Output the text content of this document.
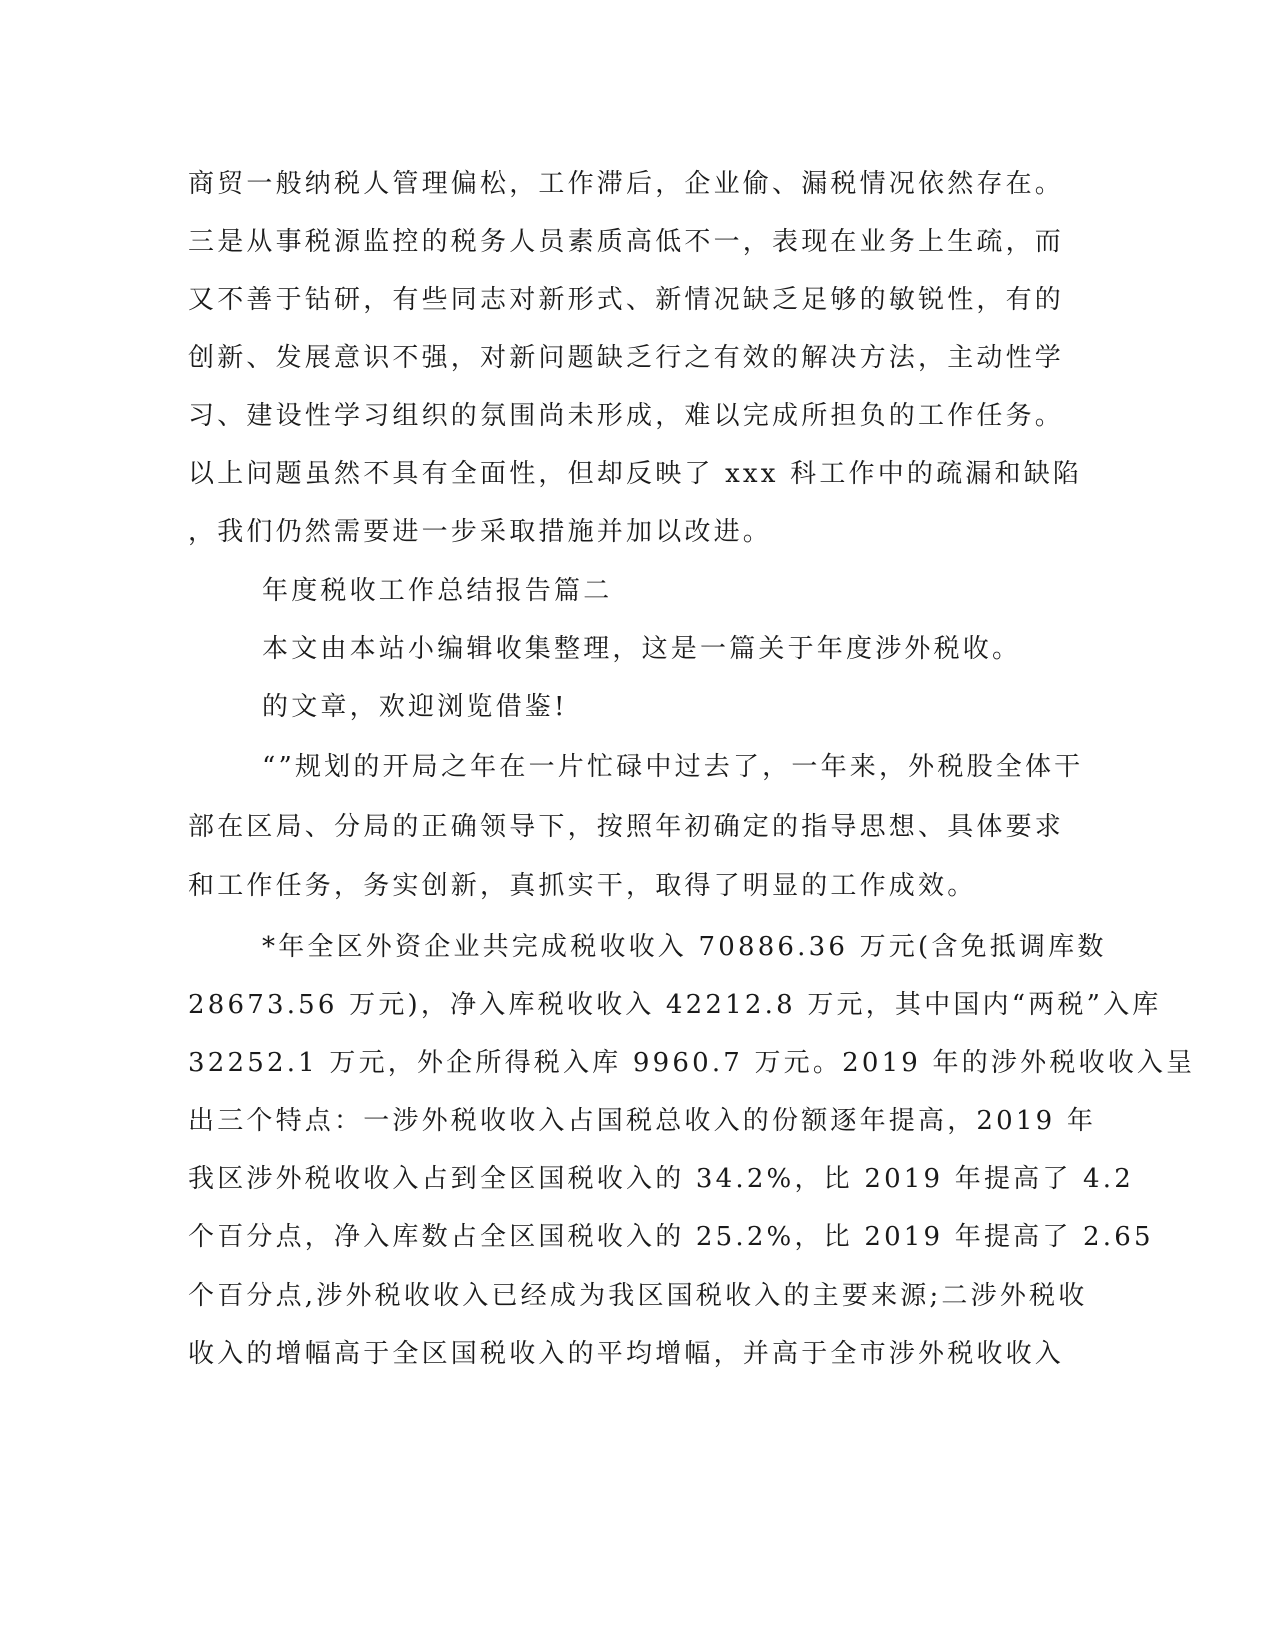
商贸一般纳税人管理偏松，工作滞后，企业偷、漏税情况依然存在。
三是从事税源监控的税务人员素质高低不一，表现在业务上生疏，而
又不善于钻研，有些同志对新形式、新情况缺乏足够的敏锐性，有的
创新、发展意识不强，对新问题缺乏行之有效的解决方法，主动性学
习、建设性学习组织的氛围尚未形成，难以完成所担负的工作任务。
以上问题虽然不具有全面性，但却反映了 xxx 科工作中的疏漏和缺陷
，我们仍然需要进一步采取措施并加以改进。
年度税收工作总结报告篇二
本文由本站小编辑收集整理，这是一篇关于年度涉外税收。
的文章，欢迎浏览借鉴!
“”规划的开局之年在一片忙碌中过去了，一年来，外税股全体干
部在区局、分局的正确领导下，按照年初确定的指导思想、具体要求
和工作任务，务实创新，真抓实干，取得了明显的工作成效。
*年全区外资企业共完成税收收入 70886.36 万元(含免抵调库数
28673.56 万元)，净入库税收收入 42212.8 万元，其中国内“两税”入库
32252.1 万元，外企所得税入库 9960.7 万元。2019 年的涉外税收收入呈
出三个特点：一涉外税收收入占国税总收入的份额逐年提高，2019 年
我区涉外税收收入占到全区国税收入的 34.2%，比 2019 年提高了 4.2
个百分点，净入库数占全区国税收入的 25.2%，比 2019 年提高了 2.65
个百分点,涉外税收收入已经成为我区国税收入的主要来源;二涉外税收
收入的增幅高于全区国税收入的平均增幅，并高于全市涉外税收收入
